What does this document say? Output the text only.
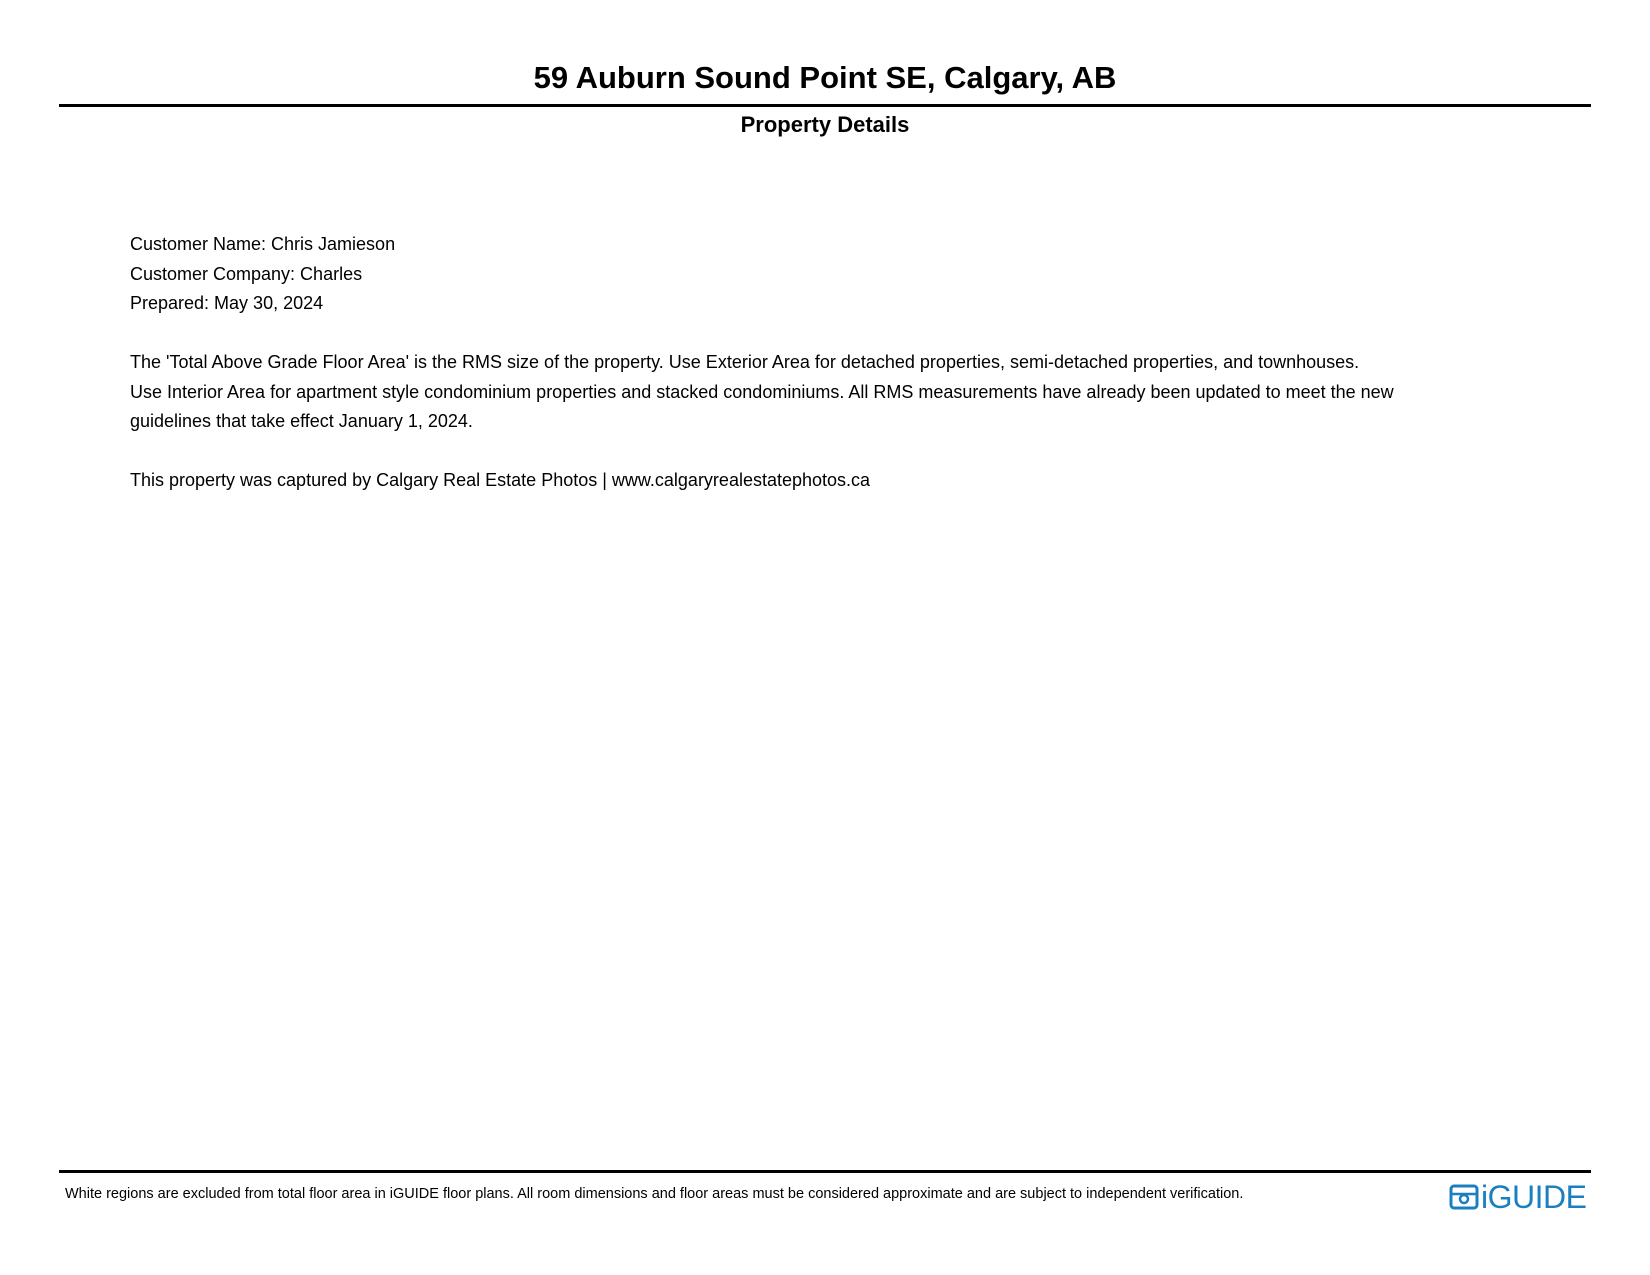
59 Auburn Sound Point SE, Calgary, AB
Property Details
Customer Name: Chris Jamieson
Customer Company: Charles
Prepared: May 30, 2024
The 'Total Above Grade Floor Area' is the RMS size of the property. Use Exterior Area for detached properties, semi-detached properties, and townhouses.
Use Interior Area for apartment style condominium properties and stacked condominiums. All RMS measurements have already been updated to meet the new
guidelines that take effect January 1, 2024.
This property was captured by Calgary Real Estate Photos | www.calgaryrealestatephotos.ca
White regions are excluded from total floor area in iGUIDE floor plans. All room dimensions and floor areas must be considered approximate and are subject to independent verification.	iGUIDE
